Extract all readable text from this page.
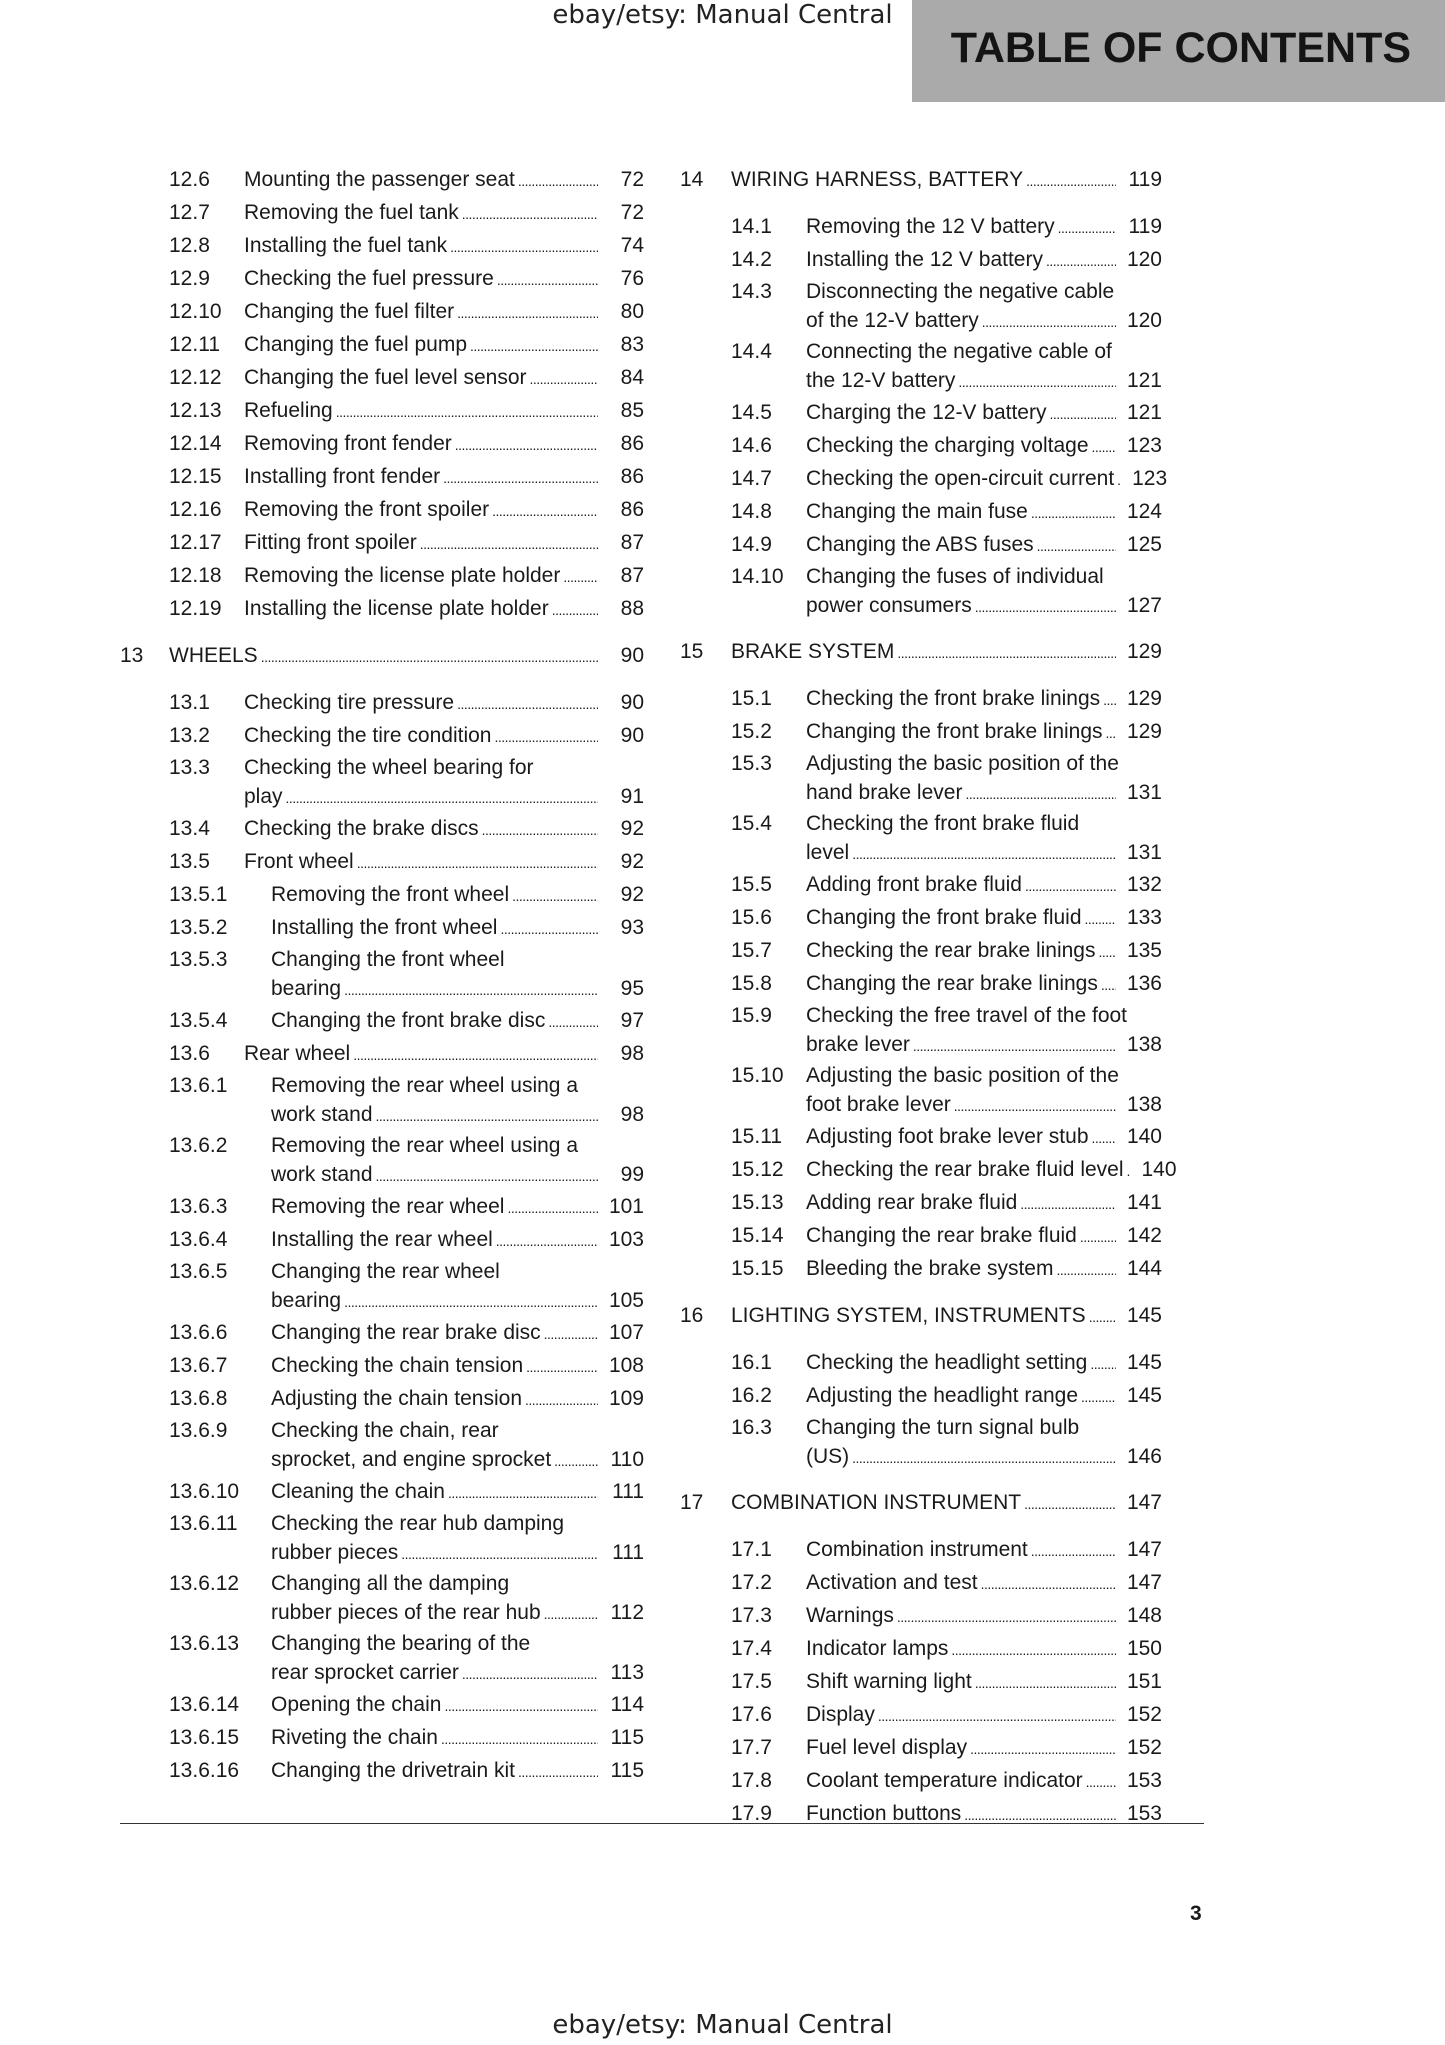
ebay/etsy: Manual Central
TABLE OF CONTENTS
12.6 Mounting the passenger seat . . .	72
12.7 Removing the fuel tank . . .	72
12.8 Installing the fuel tank . . .	74
12.9 Checking the fuel pressure . . .	76
12.10 Changing the fuel filter . . .	80
12.11 Changing the fuel pump . . .	83
12.12 Changing the fuel level sensor . . .	84
12.13 Refueling . . .	85
12.14 Removing front fender . . .	86
12.15 Installing front fender . . .	86
12.16 Removing the front spoiler . . .	86
12.17 Fitting front spoiler . . .	87
12.18 Removing the license plate holder . . .	87
12.19 Installing the license plate holder . . .	88
13 WHEELS . . .	90
13.1 Checking tire pressure . . .	90
13.2 Checking the tire condition . . .	90
13.3 Checking the wheel bearing for
play . . .	91
13.4 Checking the brake discs . . .	92
13.5 Front wheel . . .	92
13.5.1 Removing the front wheel . . .	92
13.5.2 Installing the front wheel . . .	93
13.5.3 Changing the front wheel
bearing . . .	95
13.5.4 Changing the front brake disc . . .	97
13.6 Rear wheel . . .	98
13.6.1 Removing the rear wheel using a
work stand . . .	98
13.6.2 Removing the rear wheel using a
work stand . . .	99
13.6.3 Removing the rear wheel . . .	101
13.6.4 Installing the rear wheel . . .	103
13.6.5 Changing the rear wheel
bearing . . .	105
13.6.6 Changing the rear brake disc . . .	107
13.6.7 Checking the chain tension . . .	108
13.6.8 Adjusting the chain tension . . .	109
13.6.9 Checking the chain, rear
sprocket, and engine sprocket . . .	110
13.6.10 Cleaning the chain . . .	111
13.6.11 Checking the rear hub damping
rubber pieces . . .	111
13.6.12 Changing all the damping
rubber pieces of the rear hub . . .	112
13.6.13 Changing the bearing of the
rear sprocket carrier . . .	113
13.6.14 Opening the chain . . .	114
13.6.15 Riveting the chain . . .	115
13.6.16 Changing the drivetrain kit . . .	115
14 WIRING HARNESS, BATTERY . . .	119
14.1 Removing the 12 V battery . . .	119
14.2 Installing the 12 V battery . . .	120
14.3 Disconnecting the negative cable
of the 12-V battery . . .	120
14.4 Connecting the negative cable of
the 12-V battery . . .	121
14.5 Charging the 12-V battery . . .	121
14.6 Checking the charging voltage . . . 123
14.7 Checking the open-circuit current . . . 123
14.8 Changing the main fuse . . .	124
14.9 Changing the ABS fuses . . .	125
14.10 Changing the fuses of individual
power consumers . . .	127
15 BRAKE SYSTEM . . .	129
15.1 Checking the front brake linings . . . 129
15.2 Changing the front brake linings . . . 129
15.3 Adjusting the basic position of the
hand brake lever . . .	131
15.4 Checking the front brake fluid
level . . .	131
15.5 Adding front brake fluid . . .	132
15.6 Changing the front brake fluid . . . 133
15.7 Checking the rear brake linings . . . 135
15.8 Changing the rear brake linings . . . 136
15.9 Checking the free travel of the foot
brake lever . . .	138
15.10 Adjusting the basic position of the
foot brake lever . . .	138
15.11 Adjusting foot brake lever stub . . . 140
15.12 Checking the rear brake fluid level . . . 140
15.13 Adding rear brake fluid . . .	141
15.14 Changing the rear brake fluid . . . 142
15.15 Bleeding the brake system . . .	144
16 LIGHTING SYSTEM, INSTRUMENTS . . . 145
16.1 Checking the headlight setting . . . 145
16.2 Adjusting the headlight range . . . 145
16.3 Changing the turn signal bulb
(US) . . .	146
17 COMBINATION INSTRUMENT . . .	147
17.1 Combination instrument . . .	147
17.2 Activation and test . . .	147
17.3 Warnings . . .	148
17.4 Indicator lamps . . .	150
17.5 Shift warning light . . .	151
17.6 Display . . .	152
17.7 Fuel level display . . .	152
17.8 Coolant temperature indicator . . . 153
17.9 Function buttons . . .	153
3
ebay/etsy: Manual Central
